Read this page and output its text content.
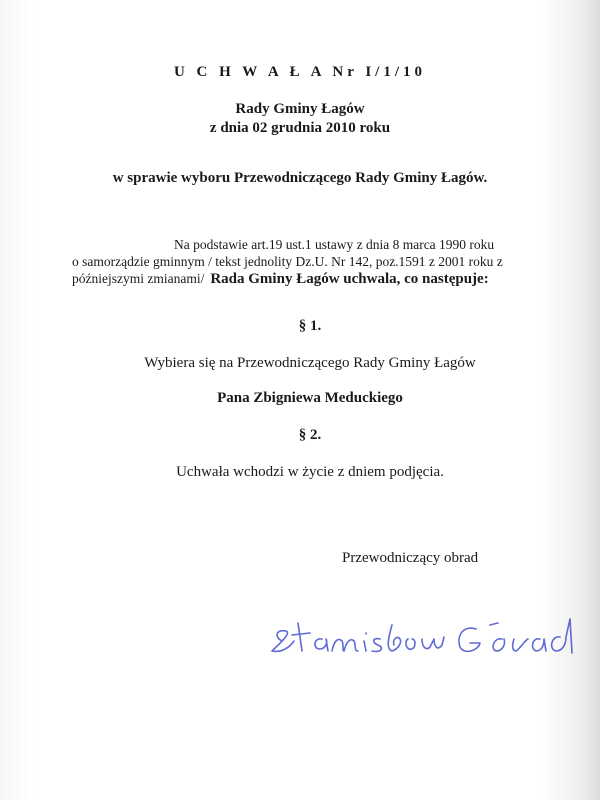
U C H W A Ł A Nr I/1/10
Rady Gminy Łagów
z dnia 02 grudnia 2010 roku
w sprawie wyboru Przewodniczącego Rady Gminy Łagów.
Na podstawie art.19 ust.1 ustawy z dnia 8 marca 1990 roku
o samorządzie gminnym / tekst jednolity Dz.U. Nr 142, poz.1591 z 2001 roku z
późniejszymi zmianami/ Rada Gminy Łagów uchwala, co następuje:
§ 1.
Wybiera się na Przewodniczącego Rady Gminy Łagów
Pana Zbigniewa Meduckiego
§ 2.
Uchwała wchodzi w życie z dniem podjęcia.
Przewodniczący obrad
